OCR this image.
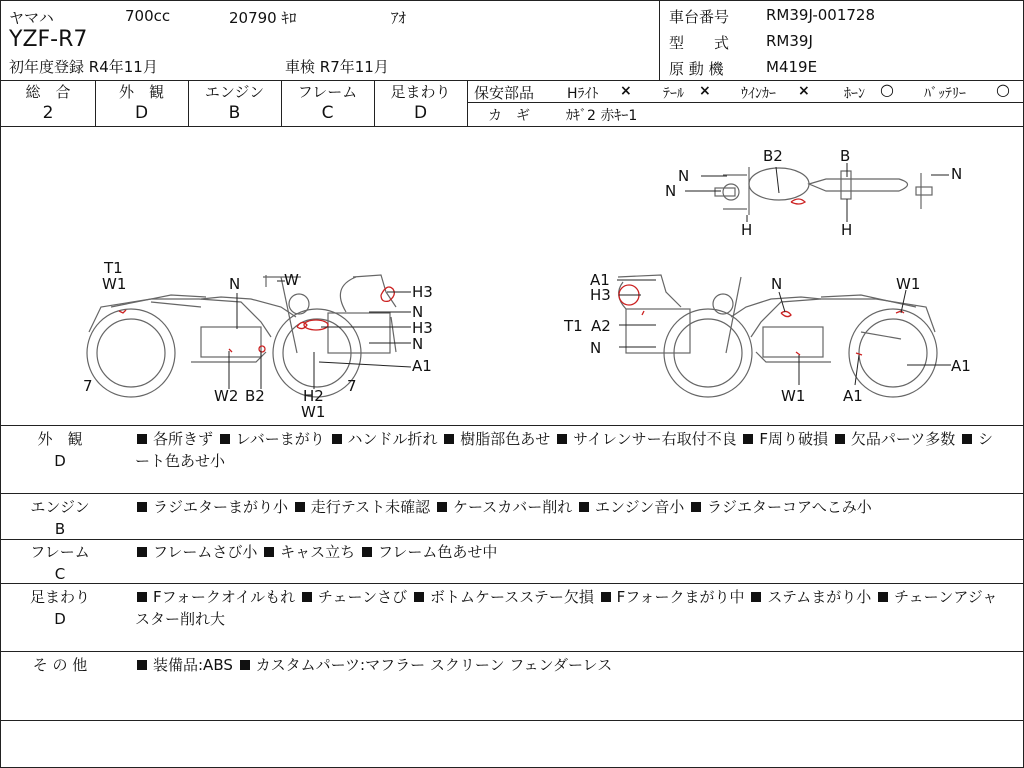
ヤマハ	700cc	20790 ｷﾛ	ｱｵ
YZF-R7
初年度登録 R4年11月	車検 R7年11月
車台番号 RM39J-001728
型　　式 RM39J
原 動 機	M419E
総　合
2
外　観
D
エンジン
B
フレーム
C
足まわり
D
保安部品 Hﾗｲﾄ × ﾃｰﾙ × ｳｲﾝｶｰ × ﾎｰﾝ ○ ﾊﾞｯﾃﾘｰ ○
カ　ギ	ｶｷﾞ2 赤ｷｰ1
N
N
B2	B
N
H	H
T1
W1	N	W
H3
N
H3
N
A1
7
W2 B2	H2
W1
7
A1
H3
T1 A2
N
N	W1
A1
W1	A1
外　観
D
各所きず レバーまがり ハンドル折れ 樹脂部色あせ サイレンサー右取付不良 F周り破損 欠品パーツ多数 シート色あせ小
エンジン
B
ラジエターまがり小 走行テスト未確認 ケースカバー削れ エンジン音小 ラジエターコアへこみ小
フレーム
C
フレームさび小 キャス立ち フレーム色あせ中
足まわり
D
Fフォークオイルもれ チェーンさび ボトムケースステー欠損 Fフォークまがり中 ステムまがり小 チェーンアジャスター削れ大
そ の 他	装備品:ABS カスタムパーツ:マフラー スクリーン フェンダーレス
